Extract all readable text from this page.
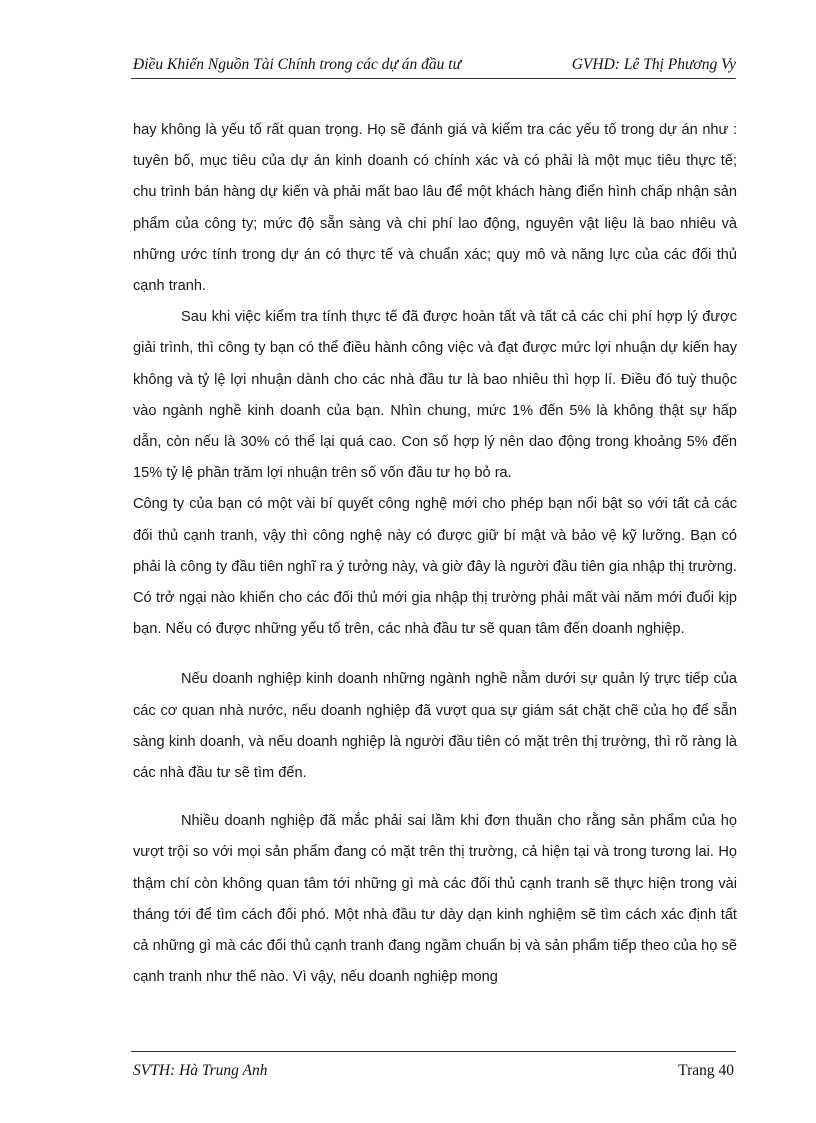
Điều Khiển Nguồn Tài Chính trong các dự án đầu tư	GVHD: Lê Thị Phương Vy

hay không là yếu tố rất quan trọng. Họ sẽ đánh giá và kiểm tra các yếu tố trong dự án như : tuyên bố, mục tiêu của dự án kinh doanh có chính xác và có phải là một mục tiêu thực tế; chu trình bán hàng dự kiến và phải mất bao lâu để một khách hàng điển hình chấp nhận sản phẩm của công ty; mức độ sẵn sàng và chi phí lao động, nguyên vật liệu là bao nhiêu và những ước tính trong dự án có thực tế và chuẩn xác; quy mô và năng lực của các đối thủ cạnh tranh.

Sau khi việc kiểm tra tính thực tế đã được hoàn tất và tất cả các chi phí hợp lý được giải trình, thì công ty bạn có thể điều hành công việc và đạt được mức lợi nhuận dự kiến hay không và tỷ lệ lợi nhuận dành cho các nhà đầu tư là bao nhiêu thì hợp lí. Điều đó tuỳ thuộc vào ngành nghề kinh doanh của bạn. Nhìn chung, mức 1% đến 5% là không thật sự hấp dẫn, còn nếu là 30% có thể lại quá cao. Con số hợp lý nên dao động trong khoảng 5% đến 15% tỷ lệ phần trăm lợi nhuận trên số vốn đầu tư họ bỏ ra.

Công ty của bạn có một vài bí quyết công nghệ mới cho phép bạn nổi bật so với tất cả các đối thủ cạnh tranh, vậy thì công nghệ này có được giữ bí mật và bảo vệ kỹ lưỡng. Bạn có phải là công ty đầu tiên nghĩ ra ý tưởng này, và giờ đây là người đầu tiên gia nhập thị trường. Có trở ngại nào khiến cho các đối thủ mới gia nhập thị trường phải mất vài năm mới đuổi kịp bạn. Nếu có được những yếu tố trên, các nhà đầu tư sẽ quan tâm đến doanh nghiệp.

Nếu doanh nghiệp kinh doanh những ngành nghề nằm dưới sự quản lý trực tiếp của các cơ quan nhà nước, nếu doanh nghiệp đã vượt qua sự giám sát chặt chẽ của họ để sẵn sàng kinh doanh, và nếu doanh nghiệp là người đầu tiên có mặt trên thị trường, thì rõ ràng là các nhà đầu tư sẽ tìm đến.

Nhiều doanh nghiệp đã mắc phải sai lầm khi đơn thuần cho rằng sản phẩm của họ vượt trội so với mọi sản phẩm đang có mặt trên thị trường, cả hiện tại và trong tương lai. Họ thậm chí còn không quan tâm tới những gì mà các đối thủ cạnh tranh sẽ thực hiện trong vài tháng tới để tìm cách đối phó. Một nhà đầu tư dày dạn kinh nghiệm sẽ tìm cách xác định tất cả những gì mà các đối thủ cạnh tranh đang ngầm chuẩn bị và sản phẩm tiếp theo của họ sẽ cạnh tranh như thế nào. Vì vậy, nếu doanh nghiệp mong

SVTH: Hà Trung Anh	Trang 40
